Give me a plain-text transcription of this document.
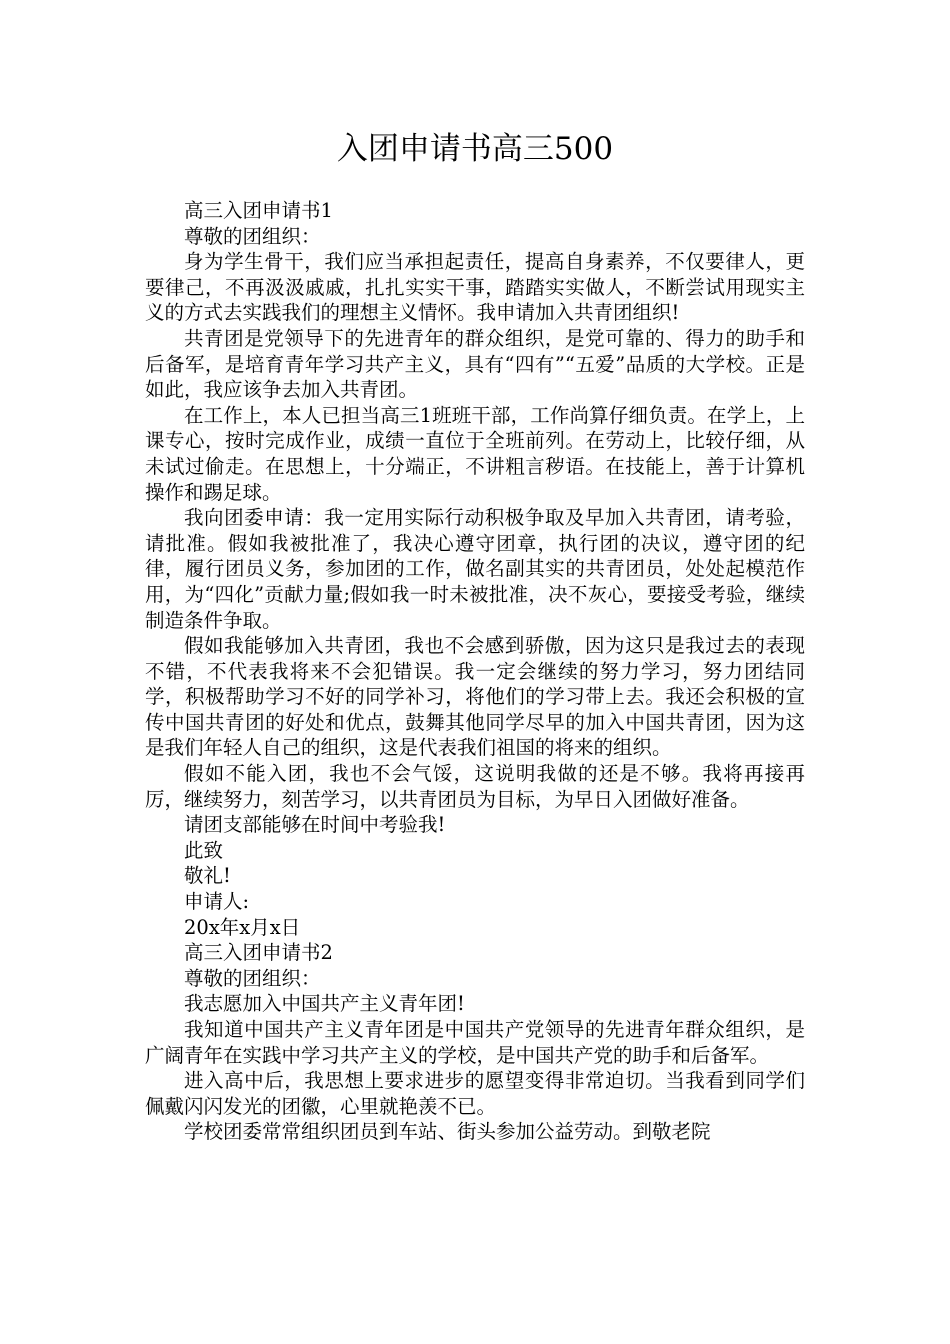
入团申请书高三500

高三入团申请书1

尊敬的团组织：

身为学生骨干，我们应当承担起责任，提高自身素养，不仅要律人，更要律己，不再汲汲戚戚，扎扎实实干事，踏踏实实做人，不断尝试用现实主义的方式去实践我们的理想主义情怀。我申请加入共青团组织!

共青团是党领导下的先进青年的群众组织，是党可靠的、得力的助手和后备军，是培育青年学习共产主义，具有“四有”“五爱”品质的大学校。正是如此，我应该争去加入共青团。

在工作上，本人已担当高三1班班干部，工作尚算仔细负责。在学上，上课专心，按时完成作业，成绩一直位于全班前列。在劳动上，比较仔细，从未试过偷走。在思想上，十分端正，不讲粗言秽语。在技能上，善于计算机操作和踢足球。

我向团委申请：我一定用实际行动积极争取及早加入共青团，请考验，请批准。假如我被批准了，我决心遵守团章，执行团的决议，遵守团的纪律，履行团员义务，参加团的工作，做名副其实的共青团员，处处起模范作用，为“四化”贡献力量;假如我一时未被批准，决不灰心，要接受考验，继续制造条件争取。

假如我能够加入共青团，我也不会感到骄傲，因为这只是我过去的表现不错，不代表我将来不会犯错误。我一定会继续的努力学习，努力团结同学，积极帮助学习不好的同学补习，将他们的学习带上去。我还会积极的宣传中国共青团的好处和优点，鼓舞其他同学尽早的加入中国共青团，因为这是我们年轻人自己的组织，这是代表我们祖国的将来的组织。

假如不能入团，我也不会气馁，这说明我做的还是不够。我将再接再厉，继续努力，刻苦学习，以共青团员为目标，为早日入团做好准备。

请团支部能够在时间中考验我!

此致

敬礼!

申请人:

20x年x月x日

高三入团申请书2

尊敬的团组织：

我志愿加入中国共产主义青年团!

我知道中国共产主义青年团是中国共产党领导的先进青年群众组织，是广阔青年在实践中学习共产主义的学校，是中国共产党的助手和后备军。

进入高中后，我思想上要求进步的愿望变得非常迫切。当我看到同学们佩戴闪闪发光的团徽，心里就艳羡不已。

学校团委常常组织团员到车站、街头参加公益劳动。到敬老院
